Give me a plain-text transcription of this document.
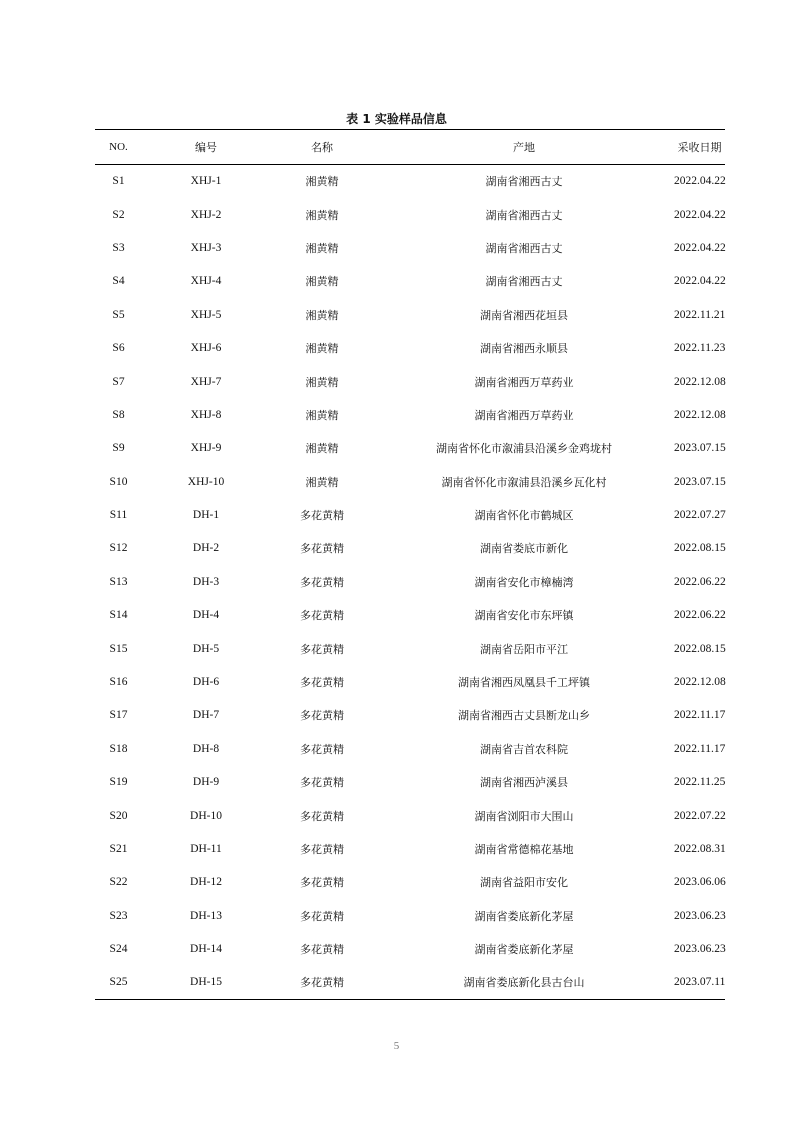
表 1 实验样品信息
NO.	编号	名称	产地	采收日期
S1	XHJ-1	湘黄精	湖南省湘西古丈	2022.04.22
S2	XHJ-2	湘黄精	湖南省湘西古丈	2022.04.22
S3	XHJ-3	湘黄精	湖南省湘西古丈	2022.04.22
S4	XHJ-4	湘黄精	湖南省湘西古丈	2022.04.22
S5	XHJ-5	湘黄精	湖南省湘西花垣县	2022.11.21
S6	XHJ-6	湘黄精	湖南省湘西永顺县	2022.11.23
S7	XHJ-7	湘黄精	湖南省湘西万草药业	2022.12.08
S8	XHJ-8	湘黄精	湖南省湘西万草药业	2022.12.08
S9	XHJ-9	湘黄精	湖南省怀化市溆浦县沿溪乡金鸡垅村	2023.07.15
S10	XHJ-10	湘黄精	湖南省怀化市溆浦县沿溪乡瓦化村	2023.07.15
S11	DH-1	多花黄精	湖南省怀化市鹤城区	2022.07.27
S12	DH-2	多花黄精	湖南省娄底市新化	2022.08.15
S13	DH-3	多花黄精	湖南省安化市樟楠湾	2022.06.22
S14	DH-4	多花黄精	湖南省安化市东坪镇	2022.06.22
S15	DH-5	多花黄精	湖南省岳阳市平江	2022.08.15
S16	DH-6	多花黄精	湖南省湘西凤凰县千工坪镇	2022.12.08
S17	DH-7	多花黄精	湖南省湘西古丈县断龙山乡	2022.11.17
S18	DH-8	多花黄精	湖南省吉首农科院	2022.11.17
S19	DH-9	多花黄精	湖南省湘西泸溪县	2022.11.25
S20	DH-10	多花黄精	湖南省浏阳市大围山	2022.07.22
S21	DH-11	多花黄精	湖南省常德棉花基地	2022.08.31
S22	DH-12	多花黄精	湖南省益阳市安化	2023.06.06
S23	DH-13	多花黄精	湖南省娄底新化茅屋	2023.06.23
S24	DH-14	多花黄精	湖南省娄底新化茅屋	2023.06.23
S25	DH-15	多花黄精	湖南省娄底新化县古台山	2023.07.11
5
